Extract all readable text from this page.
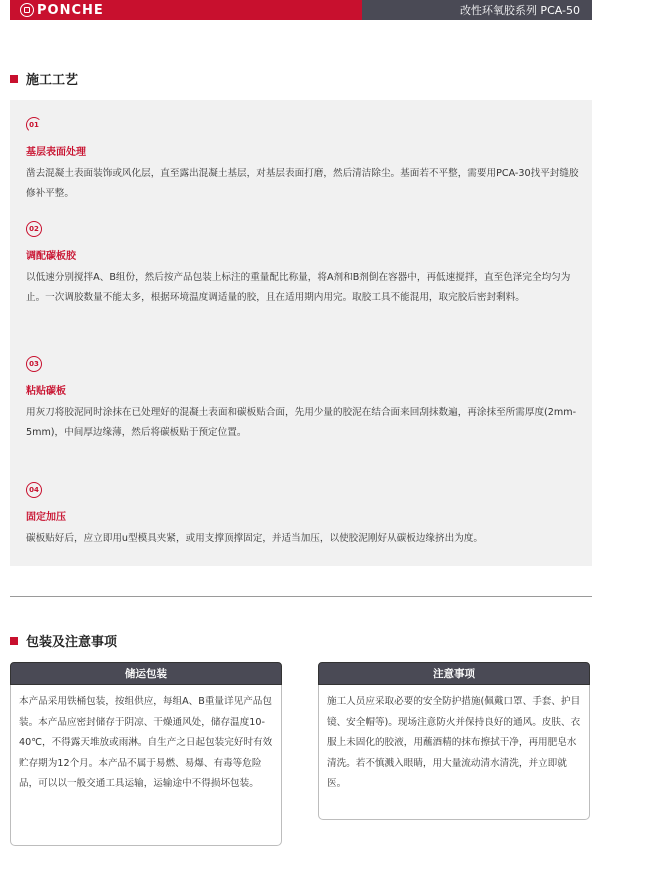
PONCHE	改性环氧胶系列 PCA-50
施工工艺
01
基层表面处理
凿去混凝土表面装饰或风化层，直至露出混凝土基层，对基层表面打磨，然后清洁除尘。基面若不平整，需要用PCA-30找平封缝胶修补平整。
02
调配碳板胶
以低速分别搅拌A、B组份，然后按产品包装上标注的重量配比称量，将A剂和B剂倒在容器中，再低速搅拌，直至色泽完全均匀为止。一次调胶数量不能太多，根据环境温度调适量的胶，且在适用期内用完。取胶工具不能混用，取完胶后密封剩料。
03
粘贴碳板
用灰刀将胶泥同时涂抹在已处理好的混凝土表面和碳板贴合面，先用少量的胶泥在结合面来回刮抹数遍，再涂抹至所需厚度(2mm-5mm)，中间厚边缘薄，然后将碳板贴于预定位置。
04
固定加压
碳板贴好后，应立即用u型模具夹紧，或用支撑顶撑固定，并适当加压，以使胶泥刚好从碳板边缘挤出为度。
包装及注意事项
储运包装
本产品采用铁桶包装，按组供应，每组A、B重量详见产品包装。本产品应密封储存于阴凉、干燥通风处，储存温度10-40℃，不得露天堆放或雨淋。自生产之日起包装完好时有效贮存期为12个月。本产品不属于易燃、易爆、有毒等危险品，可以以一般交通工具运输，运输途中不得损坏包装。
注意事项
施工人员应采取必要的安全防护措施(佩戴口罩、手套、护目镜、安全帽等)。现场注意防火并保持良好的通风。皮肤、衣服上未固化的胶液，用蘸酒精的抹布擦拭干净，再用肥皂水清洗。若不慎溅入眼睛，用大量流动清水清洗，并立即就医。
